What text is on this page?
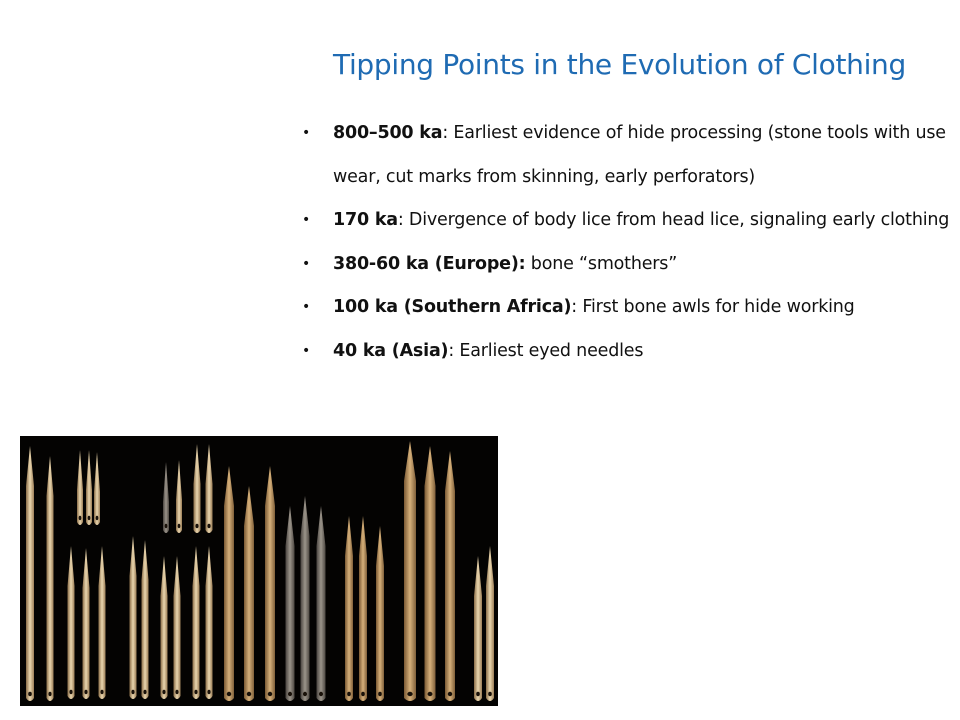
Tipping Points in the Evolution of Clothing
• 800–500 ka: Earliest evidence of hide processing (stone tools with use wear, cut marks from skinning, early perforators)
• 170 ka: Divergence of body lice from head lice, signaling early clothing
• 380-60 ka (Europe): bone “smothers”
• 100 ka (Southern Africa): First bone awls for hide working
• 40 ka (Asia): Earliest eyed needles
